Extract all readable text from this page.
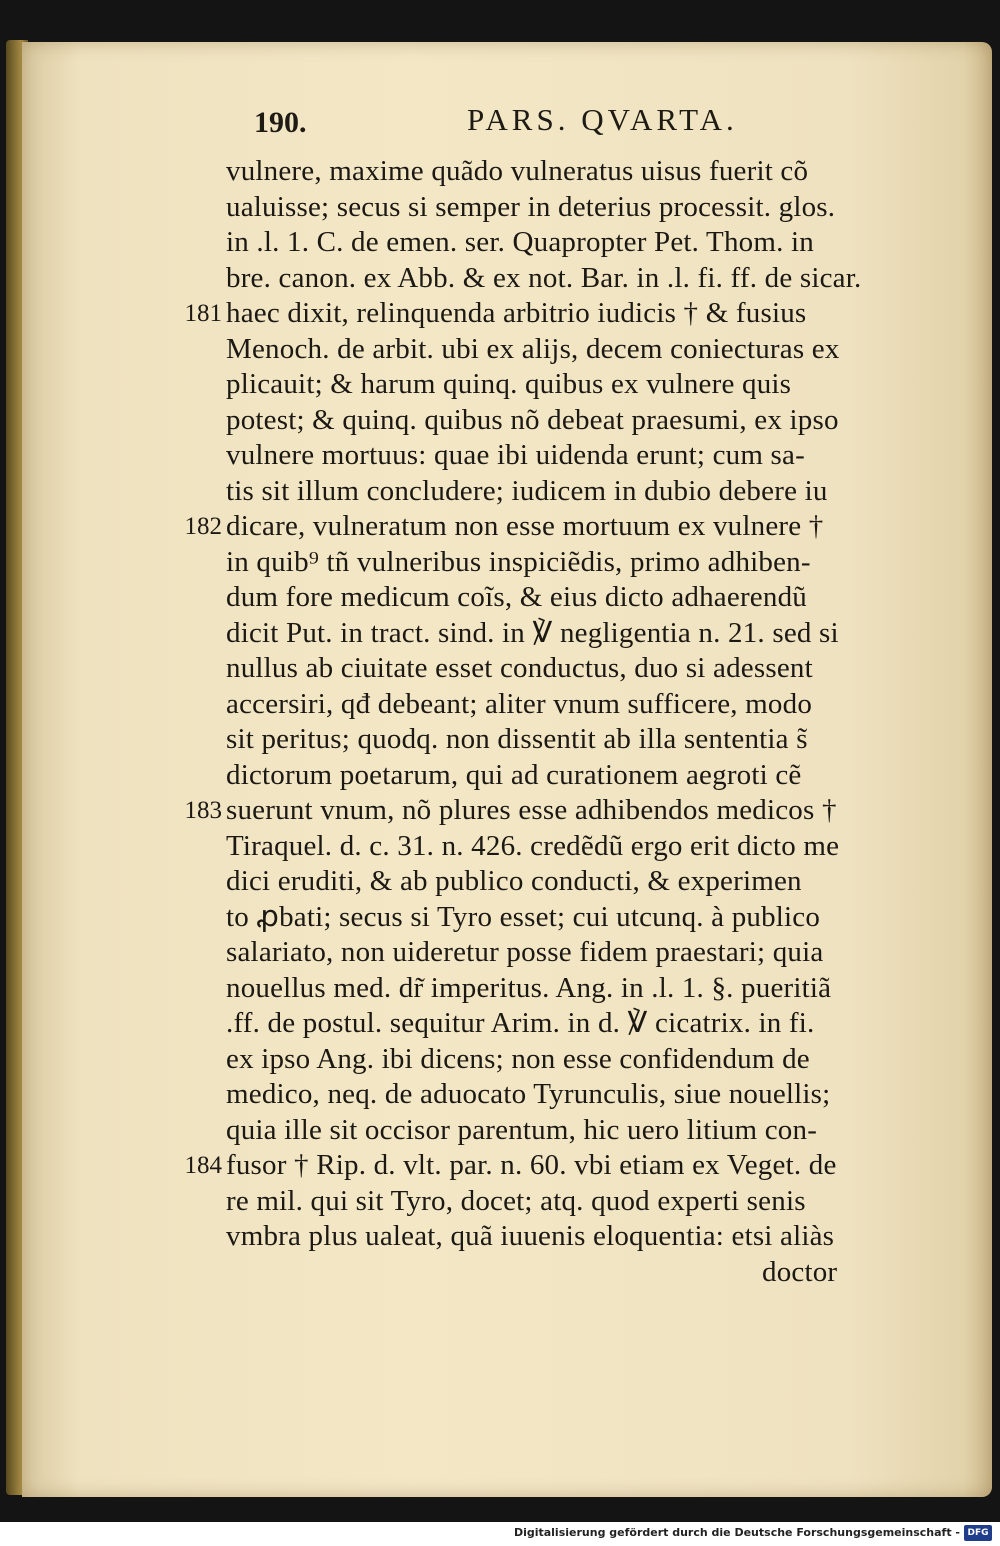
190.	PARS. QVARTA.
vulnere, maxime quãdo vulneratus uisus fuerit cõ
ualuisse; secus si semper in deterius processit. glos.
in .l. 1. C. de emen. ser. Quapropter Pet. Thom. in
bre. canon. ex Abb. & ex not. Bar. in .l. fi. ff. de sicar.
181 haec dixit, relinquenda arbitrio iudicis † & fusius
Menoch. de arbit. ubi ex alijs, decem coniecturas ex
plicauit; & harum quinq. quibus ex vulnere quis
potest; & quinq. quibus nõ debeat praesumi, ex ipso
vulnere mortuus: quae ibi uidenda erunt; cum sa-
tis sit illum concludere; iudicem in dubio debere iu
182 dicare, vulneratum non esse mortuum ex vulnere †
in quib⁹ tñ vulneribus inspiciẽdis, primo adhiben-
dum fore medicum coĩs, & eius dicto adhaerendũ
dicit Put. in tract. sind. in ℣ negligentia n. 21. sed si
nullus ab ciuitate esset conductus, duo si adessent
accersiri, qđ debeant; aliter vnum sufficere, modo
sit peritus; quodq. non dissentit ab illa sententia s̃
dictorum poetarum, qui ad curationem aegroti cẽ
183 suerunt vnum, nõ plures esse adhibendos medicos †
Tiraquel. d. c. 31. n. 426. credẽdũ ergo erit dicto me
dici eruditi, & ab publico conducti, & experimen
to ꝓbati; secus si Tyro esset; cui utcunq. à publico
salariato, non uideretur posse fidem praestari; quia
nouellus med. dr̃ imperitus. Ang. in .l. 1. §. pueritiã
.ff. de postul. sequitur Arim. in d. ℣ cicatrix. in fi.
ex ipso Ang. ibi dicens; non esse confidendum de
medico, neq. de aduocato Tyrunculis, siue nouellis;
quia ille sit occisor parentum, hic uero litium con-
184 fusor † Rip. d. vlt. par. n. 60. vbi etiam ex Veget. de
re mil. qui sit Tyro, docet; atq. quod experti senis
vmbra plus ualeat, quã iuuenis eloquentia: etsi aliàs
doctor
Digitalisierung gefördert durch die Deutsche Forschungsgemeinschaft - DFG
